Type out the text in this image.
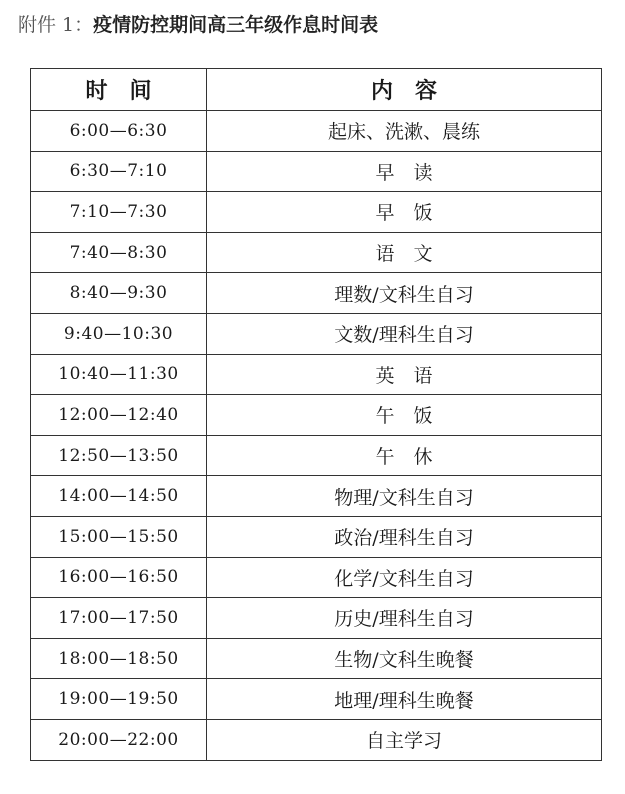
附件 1：疫情防控期间高三年级作息时间表
时　间	内　容
6:00—6:30	起床、洗漱、晨练
6:30—7:10	早　读
7:10—7:30	早　饭
7:40—8:30	语　文
8:40—9:30	理数/文科生自习
9:40—10:30	文数/理科生自习
10:40—11:30	英　语
12:00—12:40	午　饭
12:50—13:50	午　休
14:00—14:50	物理/文科生自习
15:00—15:50	政治/理科生自习
16:00—16:50	化学/文科生自习
17:00—17:50	历史/理科生自习
18:00—18:50	生物/文科生晚餐
19:00—19:50	地理/理科生晚餐
20:00—22:00	自主学习
